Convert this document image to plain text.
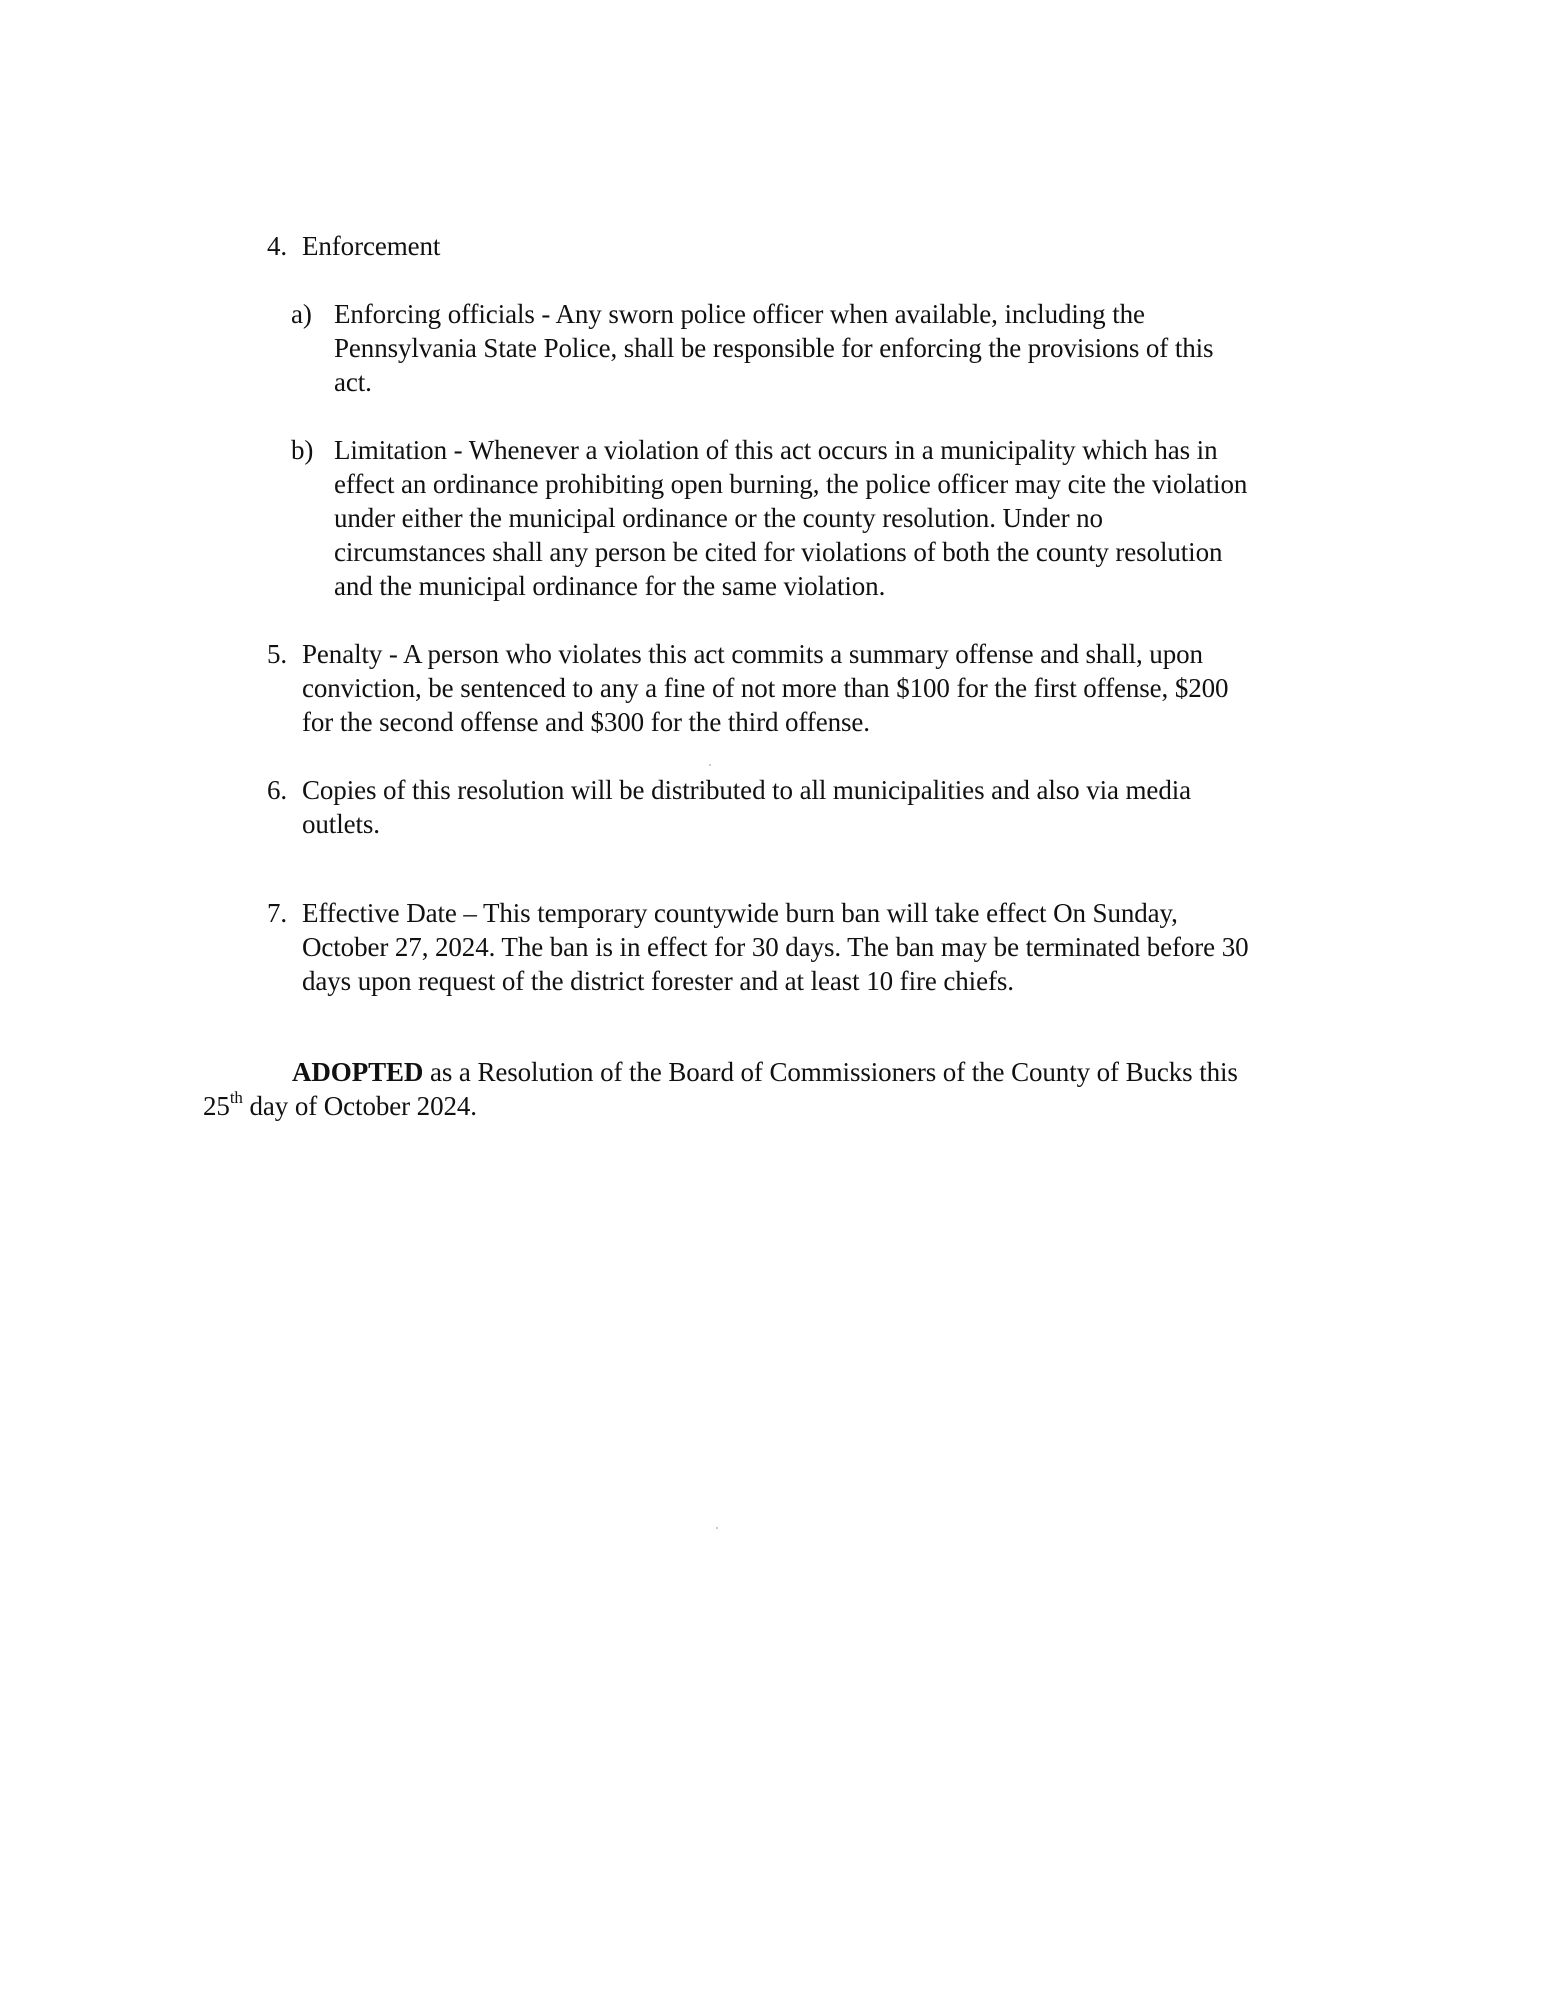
4. Enforcement
a) Enforcing officials - Any sworn police officer when available, including the
Pennsylvania State Police, shall be responsible for enforcing the provisions of this
act.
b) Limitation - Whenever a violation of this act occurs in a municipality which has in
effect an ordinance prohibiting open burning, the police officer may cite the violation
under either the municipal ordinance or the county resolution. Under no
circumstances shall any person be cited for violations of both the county resolution
and the municipal ordinance for the same violation.
5. Penalty - A person who violates this act commits a summary offense and shall, upon
conviction, be sentenced to any a fine of not more than $100 for the first offense, $200
for the second offense and $300 for the third offense.
6. Copies of this resolution will be distributed to all municipalities and also via media
outlets.
7. Effective Date – This temporary countywide burn ban will take effect On Sunday,
October 27, 2024. The ban is in effect for 30 days. The ban may be terminated before 30
days upon request of the district forester and at least 10 fire chiefs.
ADOPTED as a Resolution of the Board of Commissioners of the County of Bucks this
25th day of October 2024.
